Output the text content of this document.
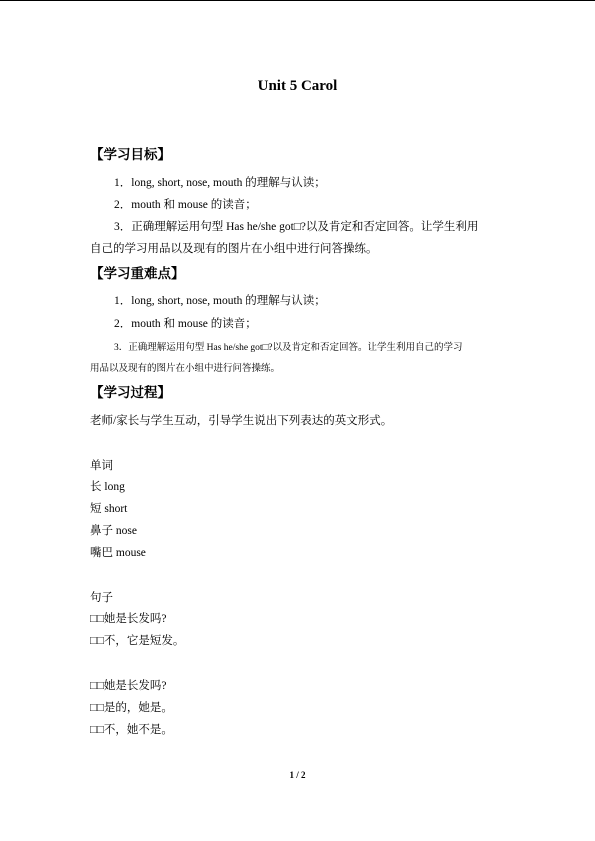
Unit 5 Carol
【学习目标】
1．long, short, nose, mouth 的理解与认读；
2．mouth 和 mouse 的读音；
3．正确理解运用句型 Has he/she got□?以及肯定和否定回答。让学生利用
自己的学习用品以及现有的图片在小组中进行问答操练。
【学习重难点】
1．long, short, nose, mouth 的理解与认读；
2．mouth 和 mouse 的读音；
3．正确理解运用句型 Has he/she got□?以及肯定和否定回答。让学生利用自己的学习
用品以及现有的图片在小组中进行问答操练。
【学习过程】
老师/家长与学生互动，引导学生说出下列表达的英文形式。
单词
长 long
短 short
鼻子 nose
嘴巴 mouse
句子
□□她是长发吗?
□□不，它是短发。
□□她是长发吗?
□□是的，她是。
□□不，她不是。
1 / 2
